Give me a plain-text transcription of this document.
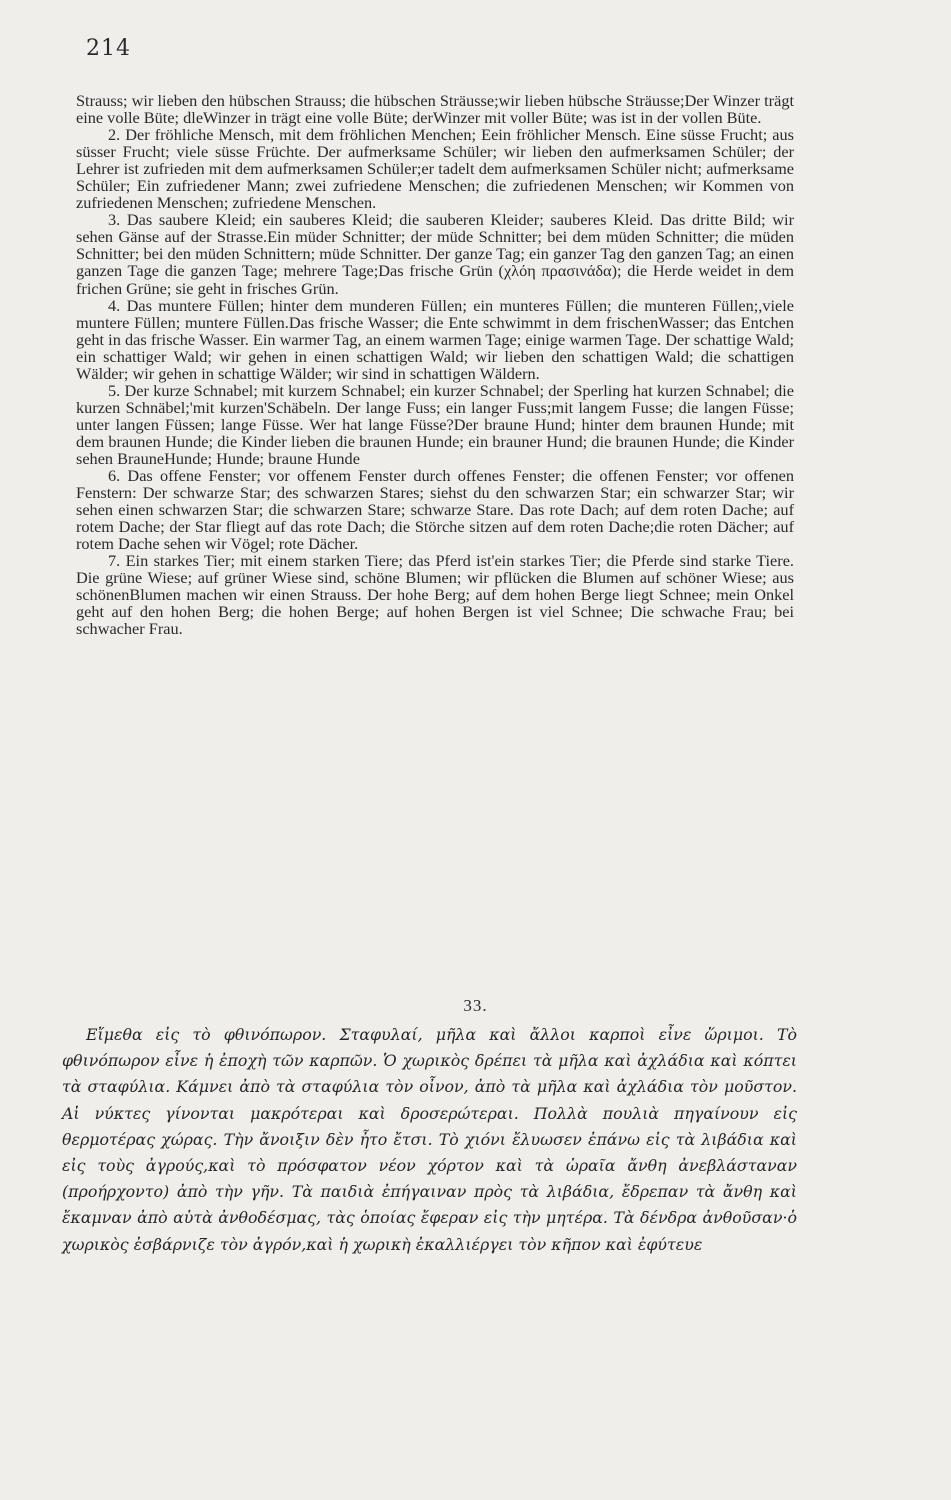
214

Strauss; wir lieben den hübschen Strauss; die hübschen Sträusse;wir lieben hübsche Sträusse;Der Winzer trägt eine volle Büte; dleWinzer in trägt eine volle Büte; derWinzer mit voller Büte; was ist in der vollen Büte.

2. Der fröhliche Mensch, mit dem fröhlichen Menchen; Eein fröhlicher Mensch. Eine süsse Frucht; aus süsser Frucht; viele süsse Früchte. Der aufmerksame Schüler; wir lieben den aufmerksamen Schüler; der Lehrer ist zufrieden mit dem aufmerksamen Schüler;er tadelt dem aufmerksamen Schüler nicht; aufmerksame Schüler; Ein zufriedener Mann; zwei zufriedene Menschen; die zufriedenen Menschen; wir Kommen von zufriedenen Menschen; zufriedene Menschen.

3. Das saubere Kleid; ein sauberes Kleid; die sauberen Kleider; sauberes Kleid. Das dritte Bild; wir sehen Gänse auf der Strasse.Ein müder Schnitter; der müde Schnitter; bei dem müden Schnitter; die müden Schnitter; bei den müden Schnittern; müde Schnitter. Der ganze Tag; ein ganzer Tag den ganzen Tag; an einen ganzen Tage die ganzen Tage; mehrere Tage;Das frische Grün (χλόη πρασινάδα); die Herde weidet in dem frichen Grüne; sie geht in frisches Grün.

4. Das muntere Füllen; hinter dem munderen Füllen; ein munteres Füllen; die munteren Füllen;,viele muntere Füllen; muntere Füllen.Das frische Wasser; die Ente schwimmt in dem frischenWasser; das Entchen geht in das frische Wasser. Ein warmer Tag, an einem warmen Tage; einige warmen Tage. Der schattige Wald; ein schattiger Wald; wir gehen in einen schattigen Wald; wir lieben den schattigen Wald; die schattigen Wälder; wir gehen in schattige Wälder; wir sind in schattigen Wäldern.

5. Der kurze Schnabel; mit kurzem Schnabel; ein kurzer Schnabel; der Sperling hat kurzen Schnabel; die kurzen Schnäbel;'mit kurzen'Schäbeln. Der lange Fuss; ein langer Fuss;mit langem Fusse; die langen Füsse; unter langen Füssen; lange Füsse. Wer hat lange Füsse?Der braune Hund; hinter dem braunen Hunde; mit dem braunen Hunde; die Kinder lieben die braunen Hunde; ein brauner Hund; die braunen Hunde; die Kinder sehen BrauneHunde; Hunde; braune Hunde

6. Das offene Fenster; vor offenem Fenster durch offenes Fenster; die offenen Fenster; vor offenen Fenstern: Der schwarze Star; des schwarzen Stares; siehst du den schwarzen Star; ein schwarzer Star; wir sehen einen schwarzen Star; die schwarzen Stare; schwarze Stare. Das rote Dach; auf dem roten Dache; auf rotem Dache; der Star fliegt auf das rote Dach; die Störche sitzen auf dem roten Dache;die roten Dächer; auf rotem Dache sehen wir Vögel; rote Dächer.

7. Ein starkes Tier; mit einem starken Tiere; das Pferd ist'ein starkes Tier; die Pferde sind starke Tiere. Die grüne Wiese; auf grüner Wiese sind, schöne Blumen; wir pflücken die Blumen auf schöner Wiese; aus schönenBlumen machen wir einen Strauss. Der hohe Berg; auf dem hohen Berge liegt Schnee; mein Onkel geht auf den hohen Berg; die hohen Berge; auf hohen Bergen ist viel Schnee; Die schwache Frau; bei schwacher Frau.

33.
Εἴμεθα εἰς τὸ φθινόπωρον. Σταφυλαί, μῆλα καὶ ἄλλοι καρποὶ εἶνε ὥριμοι. Τὸ φθινόπωρον εἶνε ἡ ἐποχὴ τῶν καρπῶν. Ὁ χωρικὸς δρέπει τὰ μῆλα καὶ ἀχλάδια καὶ κόπτει τὰ σταφύλια. Κάμνει ἀπὸ τὰ σταφύλια τὸν οἶνον, ἀπὸ τὰ μῆλα καὶ ἀχλάδια τὸν μοῦστον. Αἱ νύκτες γίνονται μακρότεραι καὶ δροσερώτεραι. Πολλὰ πουλιὰ πηγαίνουν εἰς θερμοτέρας χώρας. Τὴν ἄνοιξιν δὲν ἦτο ἔτσι. Τὸ χιόνι ἔλυωσεν ἐπάνω εἰς τὰ λιβάδια καὶ εἰς τοὺς ἀγρούς,καὶ τὸ πρόσφατον νέον χόρτον καὶ τὰ ὡραῖα ἄνθη ἀνεβλάσταναν (προήρχοντο) ἀπὸ τὴν γῆν. Τὰ παιδιὰ ἐπήγαιναν πρὸς τὰ λιβάδια, ἔδρεπαν τὰ ἄνθη καὶ ἔκαμναν ἀπὸ αὐτὰ ἀνθοδέσμας, τὰς ὁποίας ἔφεραν εἰς τὴν μητέρα. Τὰ δένδρα ἀνθοῦσαν·ὁ χωρικὸς ἐσβάρνιζε τὸν ἀγρόν,καὶ ἡ χωρικὴ ἐκαλλιέργει τὸν κῆπον καὶ ἐφύτευε
